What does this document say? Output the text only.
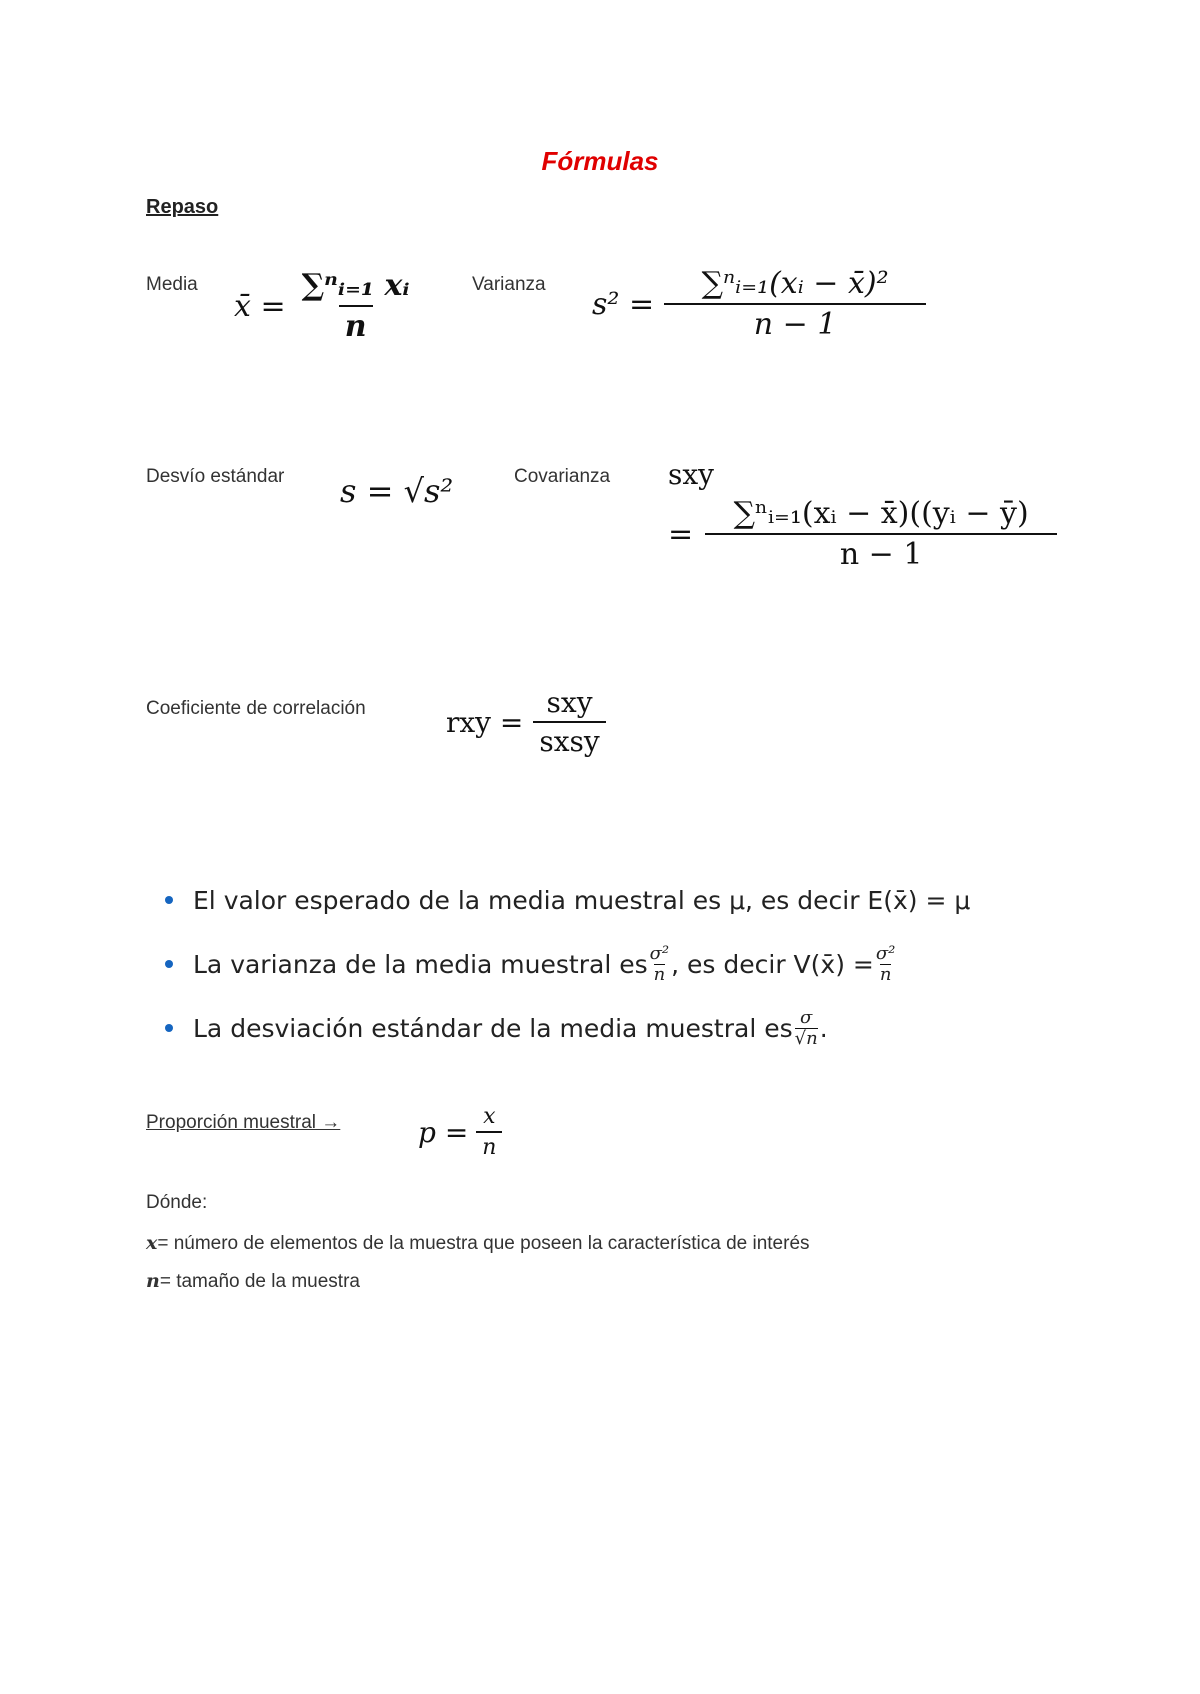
Fórmulas
Repaso
Media
x̄ = $\frac{\text{∑ⁿᵢ₌₁ xᵢ}}{n}$	Varianza
$s^2 = \frac{\text{∑ⁿᵢ₌₁(xᵢ − x̄)²}}{n - 1}$
Desvío estándar s = √s²	Covarianza sxy
= $\frac{\text{∑ⁿᵢ₌₁(xᵢ − x̄)((yᵢ − ȳ)}}{n - 1}$
Coeficiente de correlación	rxy = $\frac{\text{sxy}}{\text{sxsy}}$
El valor esperado de la media muestral es μ, es decir E(x̄) = μ
La varianza de la media muestral es $\frac{\text{σ²}}{n}$ , es decir V(x̄) = $\frac{\text{σ²}}{n}$
La desviación estándar de la media muestral es $\frac{\sigma}{√n}$ .
Proporción muestral →	$p = \frac{x}{n}$
Dónde:
x= número de elementos de la muestra que poseen la característica de interés
n= tamaño de la muestra
